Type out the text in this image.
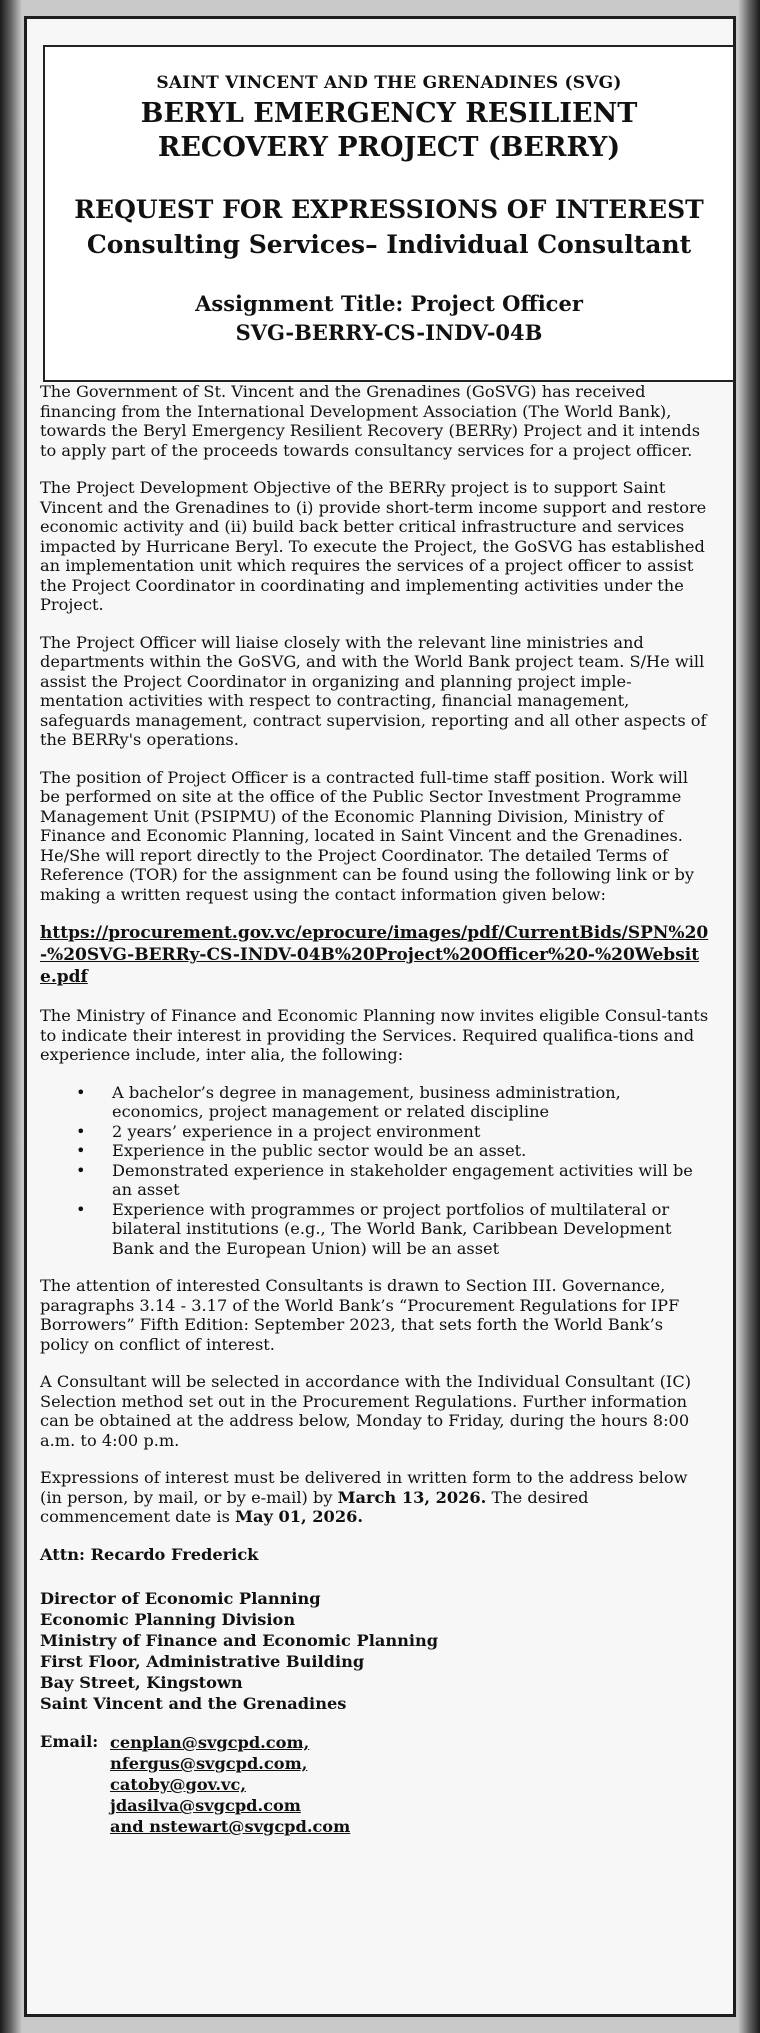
SAINT VINCENT AND THE GRENADINES (SVG)
BERYL EMERGENCY RESILIENT RECOVERY PROJECT (BERRY)
REQUEST FOR EXPRESSIONS OF INTEREST
Consulting Services– Individual Consultant
Assignment Title: Project Officer
SVG-BERRY-CS-INDV-04B

The Government of St. Vincent and the Grenadines (GoSVG) has received financing from the International Development Association (The World Bank), towards the Beryl Emergency Resilient Recovery (BERRy) Project and it intends to apply part of the proceeds towards consultancy services for a project officer.

The Project Development Objective of the BERRy project is to support Saint Vincent and the Grenadines to (i) provide short-term income support and restore economic activity and (ii) build back better critical infrastructure and services impacted by Hurricane Beryl. To execute the Project, the GoSVG has established an implementation unit which requires the services of a project officer to assist the Project Coordinator in coordinating and implementing activities under the Project.

The Project Officer will liaise closely with the relevant line ministries and departments within the GoSVG, and with the World Bank project team. S/He will assist the Project Coordinator in organizing and planning project imple-mentation activities with respect to contracting, financial management, safeguards management, contract supervision, reporting and all other aspects of the BERRy's operations.

The position of Project Officer is a contracted full-time staff position. Work will be performed on site at the office of the Public Sector Investment Programme Management Unit (PSIPMU) of the Economic Planning Division, Ministry of Finance and Economic Planning, located in Saint Vincent and the Grenadines. He/She will report directly to the Project Coordinator. The detailed Terms of Reference (TOR) for the assignment can be found using the following link or by making a written request using the contact information given below:

https://procurement.gov.vc/eprocure/images/pdf/CurrentBids/SPN%20-%20SVG-BERRy-CS-INDV-04B%20Project%20Officer%20-%20Website.pdf

The Ministry of Finance and Economic Planning now invites eligible Consul-tants to indicate their interest in providing the Services. Required qualifica-tions and experience include, inter alia, the following:

• A bachelor’s degree in management, business administration, economics, project management or related discipline
• 2 years’ experience in a project environment
• Experience in the public sector would be an asset.
• Demonstrated experience in stakeholder engagement activities will be an asset
• Experience with programmes or project portfolios of multilateral or bilateral institutions (e.g., The World Bank, Caribbean Development Bank and the European Union) will be an asset

The attention of interested Consultants is drawn to Section III. Governance, paragraphs 3.14 - 3.17 of the World Bank’s “Procurement Regulations for IPF Borrowers” Fifth Edition: September 2023, that sets forth the World Bank’s policy on conflict of interest.

A Consultant will be selected in accordance with the Individual Consultant (IC) Selection method set out in the Procurement Regulations. Further information can be obtained at the address below, Monday to Friday, during the hours 8:00 a.m. to 4:00 p.m.

Expressions of interest must be delivered in written form to the address below (in person, by mail, or by e-mail) by March 13, 2026. The desired commencement date is May 01, 2026.

Attn: Recardo Frederick
Director of Economic Planning
Economic Planning Division
Ministry of Finance and Economic Planning
First Floor, Administrative Building
Bay Street, Kingstown
Saint Vincent and the Grenadines
Email: cenplan@svgcpd.com,
nfergus@svgcpd.com,
catoby@gov.vc,
jdasilva@svgcpd.com
and nstewart@svgcpd.com
